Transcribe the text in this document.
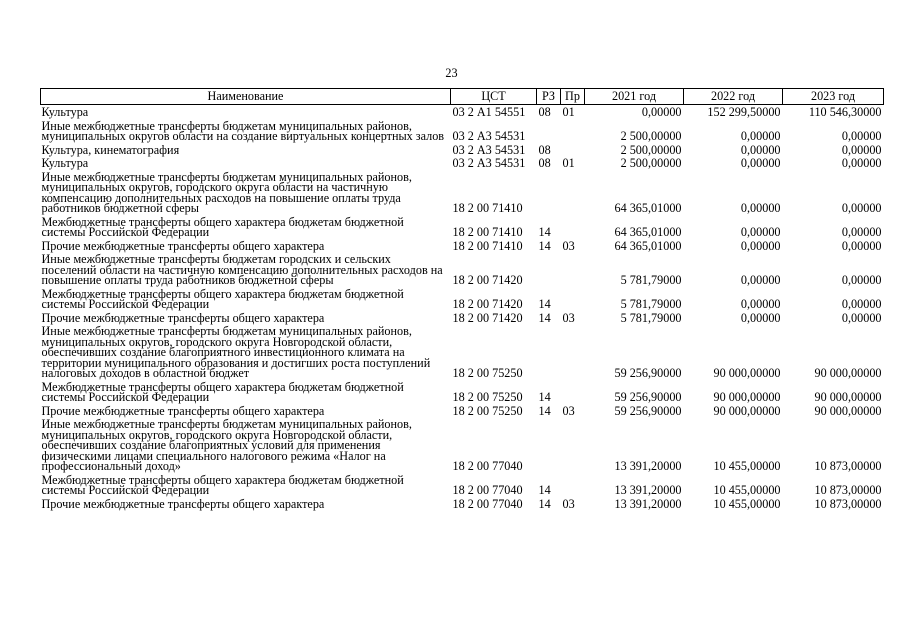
23
Наименование	ЦСТ	РЗ	Пр	2021 год	2022 год	2023 год
Культура	03 2 А1 54551	08	01	0,00000	152 299,50000	110 546,30000
Иные межбюджетные трансферты бюджетам муниципальных районов, муниципальных округов области на создание виртуальных концертных залов	03 2 А3 54531			2 500,00000	0,00000	0,00000
Культура, кинематография	03 2 А3 54531	08		2 500,00000	0,00000	0,00000
Культура	03 2 А3 54531	08	01	2 500,00000	0,00000	0,00000
Иные межбюджетные трансферты бюджетам муниципальных районов, муниципальных округов, городского округа области на частичную компенсацию дополнительных расходов на повышение оплаты труда работников бюджетной сферы	18 2 00 71410			64 365,01000	0,00000	0,00000
Межбюджетные трансферты общего характера бюджетам бюджетной системы Российской Федерации	18 2 00 71410	14		64 365,01000	0,00000	0,00000
Прочие межбюджетные трансферты общего характера	18 2 00 71410	14	03	64 365,01000	0,00000	0,00000
Иные межбюджетные трансферты бюджетам городских и сельских поселений области на частичную компенсацию дополнительных расходов на повышение оплаты труда работников бюджетной сферы	18 2 00 71420			5 781,79000	0,00000	0,00000
Межбюджетные трансферты общего характера бюджетам бюджетной системы Российской Федерации	18 2 00 71420	14		5 781,79000	0,00000	0,00000
Прочие межбюджетные трансферты общего характера	18 2 00 71420	14	03	5 781,79000	0,00000	0,00000
Иные межбюджетные трансферты бюджетам муниципальных районов, муниципальных округов, городского округа Новгородской области, обеспечивших создание благоприятного инвестиционного климата на территории муниципального образования и достигших роста поступлений налоговых доходов в областной бюджет	18 2 00 75250			59 256,90000	90 000,00000	90 000,00000
Межбюджетные трансферты общего характера бюджетам бюджетной системы Российской Федерации	18 2 00 75250	14		59 256,90000	90 000,00000	90 000,00000
Прочие межбюджетные трансферты общего характера	18 2 00 75250	14	03	59 256,90000	90 000,00000	90 000,00000
Иные межбюджетные трансферты бюджетам муниципальных районов, муниципальных округов, городского округа Новгородской области, обеспечивших создание благоприятных условий для применения физическими лицами специального налогового режима «Налог на профессиональный доход»	18 2 00 77040			13 391,20000	10 455,00000	10 873,00000
Межбюджетные трансферты общего характера бюджетам бюджетной системы Российской Федерации	18 2 00 77040	14		13 391,20000	10 455,00000	10 873,00000
Прочие межбюджетные трансферты общего характера	18 2 00 77040	14	03	13 391,20000	10 455,00000	10 873,00000
